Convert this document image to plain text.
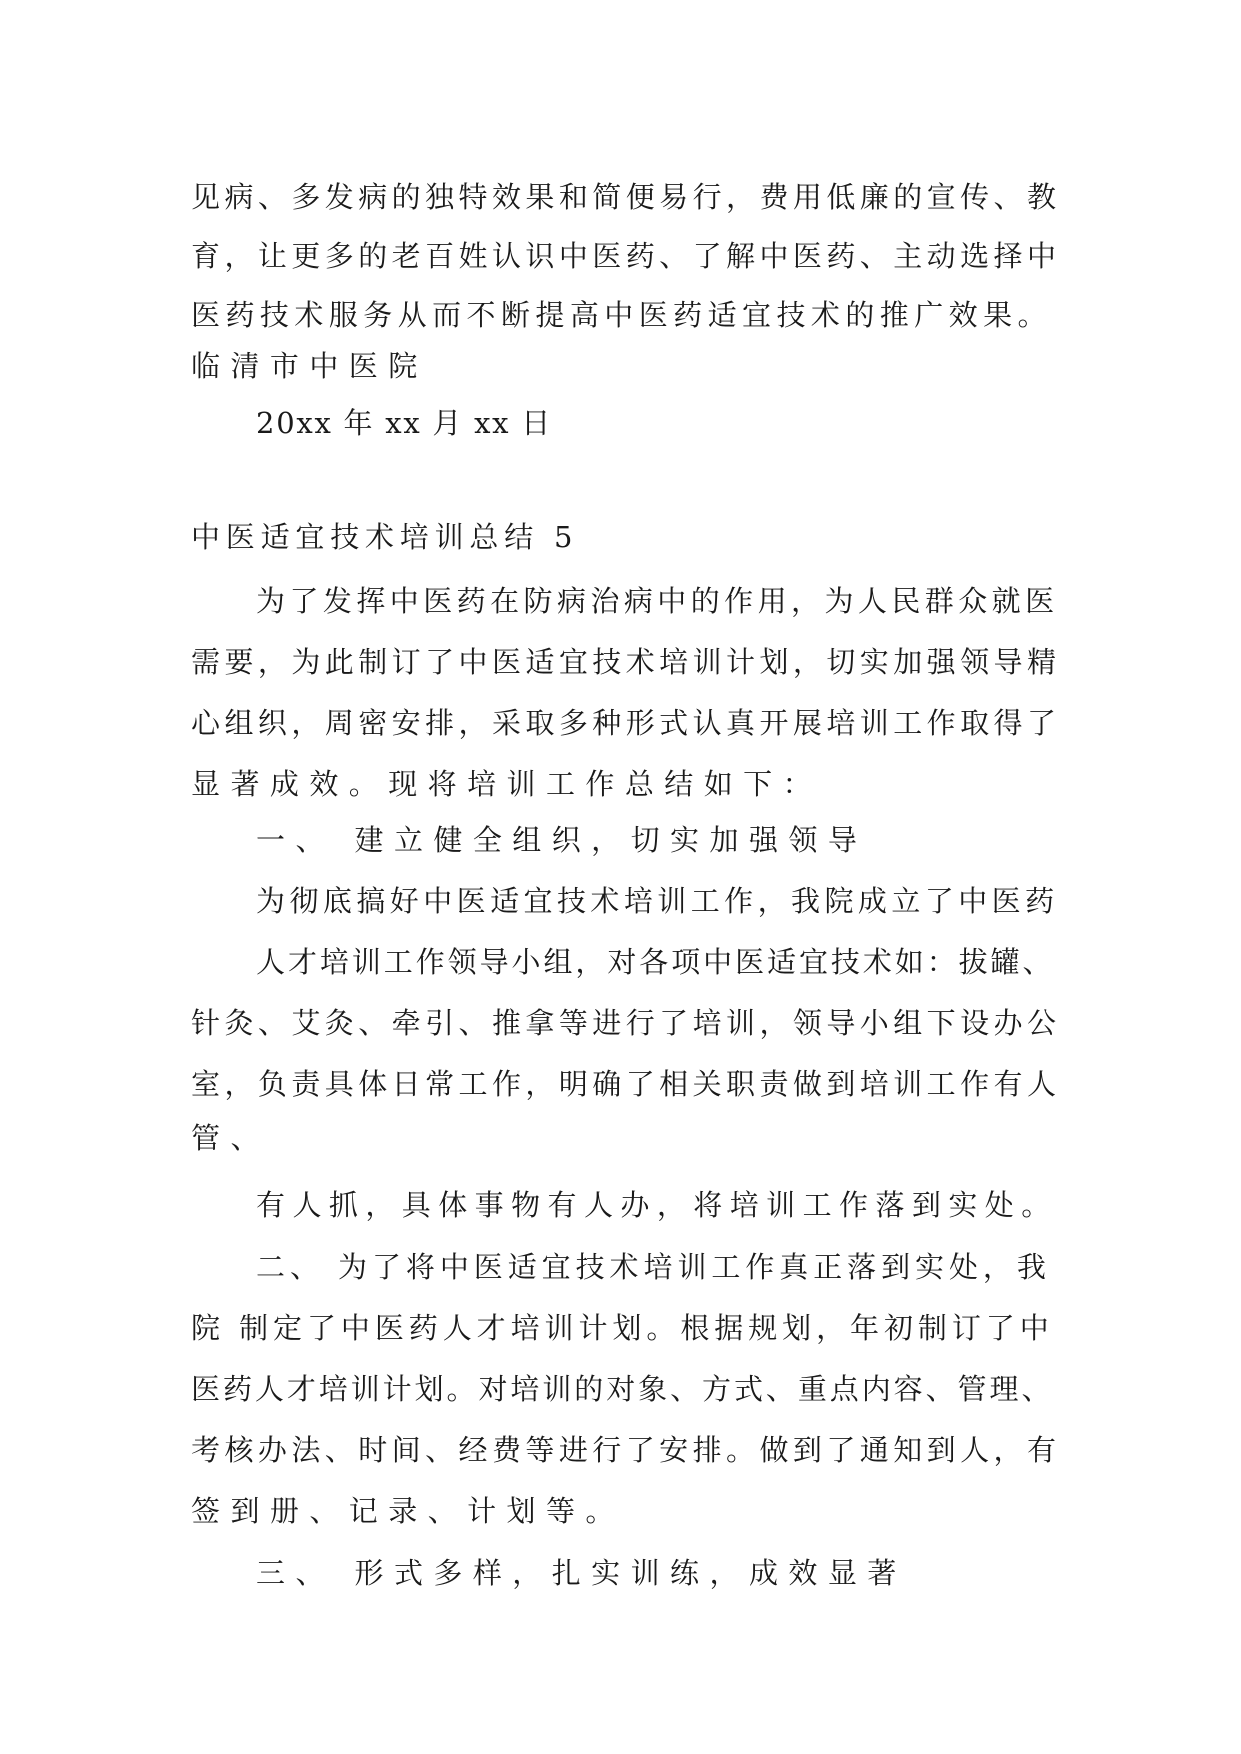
见病、多发病的独特效果和简便易行，费用低廉的宣传、教
育，让更多的老百姓认识中医药、了解中医药、主动选择中
医药技术服务从而不断提高中医药适宜技术的推广效果。
临清市中医院
20xx 年 xx 月 xx 日
中医适宜技术培训总结 5
为了发挥中医药在防病治病中的作用，为人民群众就医
需要，为此制订了中医适宜技术培训计划，切实加强领导精
心组织，周密安排，采取多种形式认真开展培训工作取得了
显著成效。现将培训工作总结如下：
一、 建立健全组织，切实加强领导
为彻底搞好中医适宜技术培训工作，我院成立了中医药
人才培训工作领导小组，对各项中医适宜技术如：拔罐、
针灸、艾灸、牵引、推拿等进行了培训，领导小组下设办公
室，负责具体日常工作，明确了相关职责做到培训工作有人
管、
有人抓，具体事物有人办，将培训工作落到实处。
二、 为了将中医适宜技术培训工作真正落到实处，我
院 制定了中医药人才培训计划。根据规划，年初制订了中
医药人才培训计划。对培训的对象、方式、重点内容、管理、
考核办法、时间、经费等进行了安排。做到了通知到人，有
签到册、记录、计划等。
三、 形式多样，扎实训练，成效显著
